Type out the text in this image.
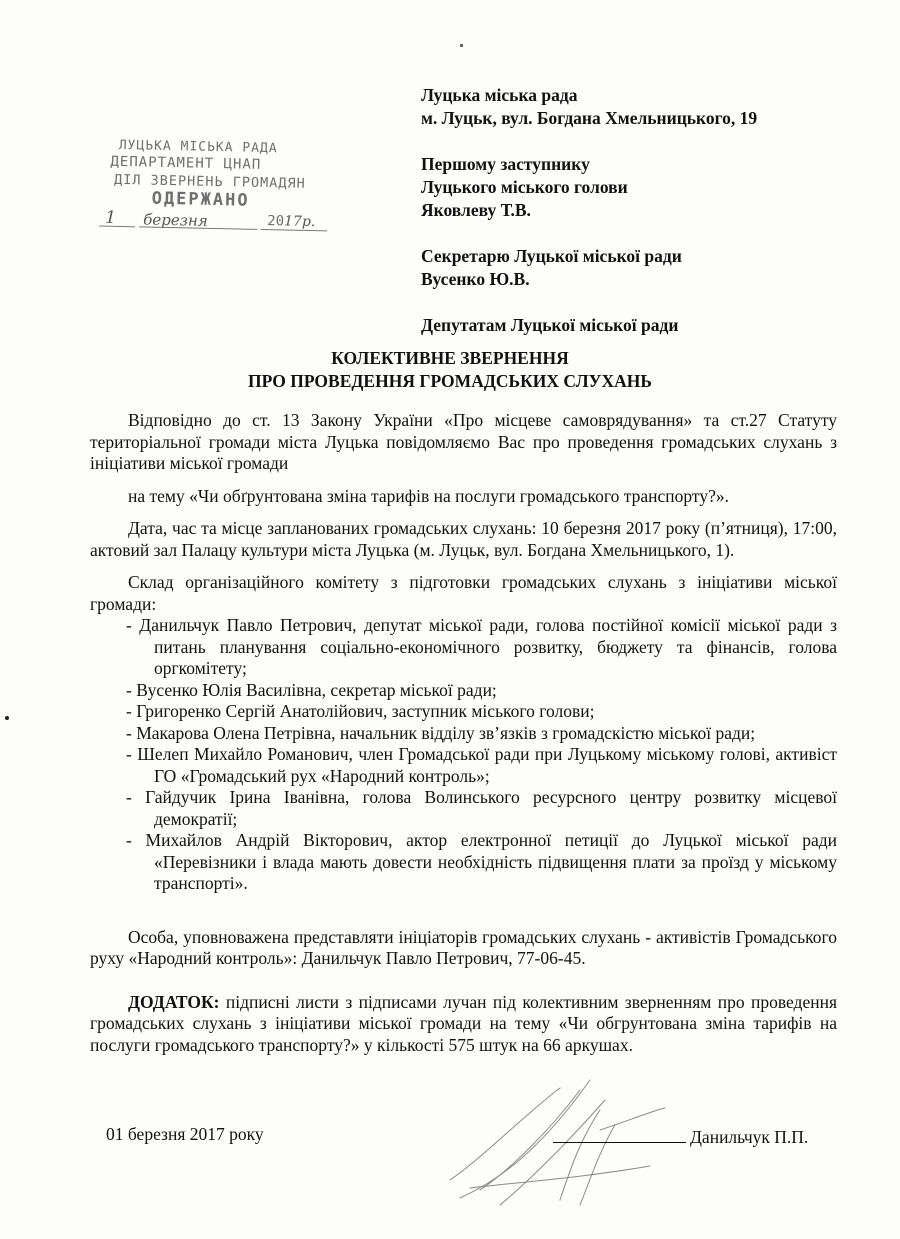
Луцька міська рада
м. Луцьк, вул. Богдана Хмельницького, 19
Першому заступнику
Луцького міського голови
Яковлеву Т.В.
Секретарю Луцької міської ради
Вусенко Ю.В.
Депутатам Луцької міської ради
ЛУЦЬКА МІСЬКА РАДА
ДЕПАРТАМЕНТ ЦНАП
ДІЛ ЗВЕРНЕНЬ ГРОМАДЯН
ОДЕРЖАНО
1 березня	2017р.
КОЛЕКТИВНЕ ЗВЕРНЕННЯ
ПРО ПРОВЕДЕННЯ ГРОМАДСЬКИХ СЛУХАНЬ

Відповідно до ст. 13 Закону України «Про місцеве самоврядування» та ст.27 Статуту територіальної громади міста Луцька повідомляємо Вас про проведення громадських слухань з ініціативи міської громади

на тему «Чи обґрунтована зміна тарифів на послуги громадського транспорту?».

Дата, час та місце запланованих громадських слухань: 10 березня 2017 року (п’ятниця), 17:00, актовий зал Палацу культури міста Луцька (м. Луцьк, вул. Богдана Хмельницького, 1).

Склад організаційного комітету з підготовки громадських слухань з ініціативи міської громади:

- Данильчук Павло Петрович, депутат міської ради, голова постійної комісії міської ради з питань планування соціально-економічного розвитку, бюджету та фінансів, голова оргкомітету;
- Вусенко Юлія Василівна, секретар міської ради;
- Григоренко Сергій Анатолійович, заступник міського голови;
- Макарова Олена Петрівна, начальник відділу зв’язків з громадскістю міської ради;
- Шелеп Михайло Романович, член Громадської ради при Луцькому міському голові, активіст ГО «Громадський рух «Народний контроль»;
- Гайдучик Ірина Іванівна, голова Волинського ресурсного центру розвитку місцевої демократії;
- Михайлов Андрій Вікторович, актор електронної петиції до Луцької міської ради «Перевізники і влада мають довести необхідність підвищення плати за проїзд у міському транспорті».

Особа, уповноважена представляти ініціаторів громадських слухань - активістів Громадського руху «Народний контроль»: Данильчук Павло Петрович, 77-06-45.

ДОДАТОК: підписні листи з підписами лучан під колективним зверненням про проведення громадських слухань з ініціативи міської громади на тему «Чи обгрунтована зміна тарифів на послуги громадського транспорту?» у кількості 575 штук на 66 аркушах.

01 березня 2017 року	Данильчук П.П.
